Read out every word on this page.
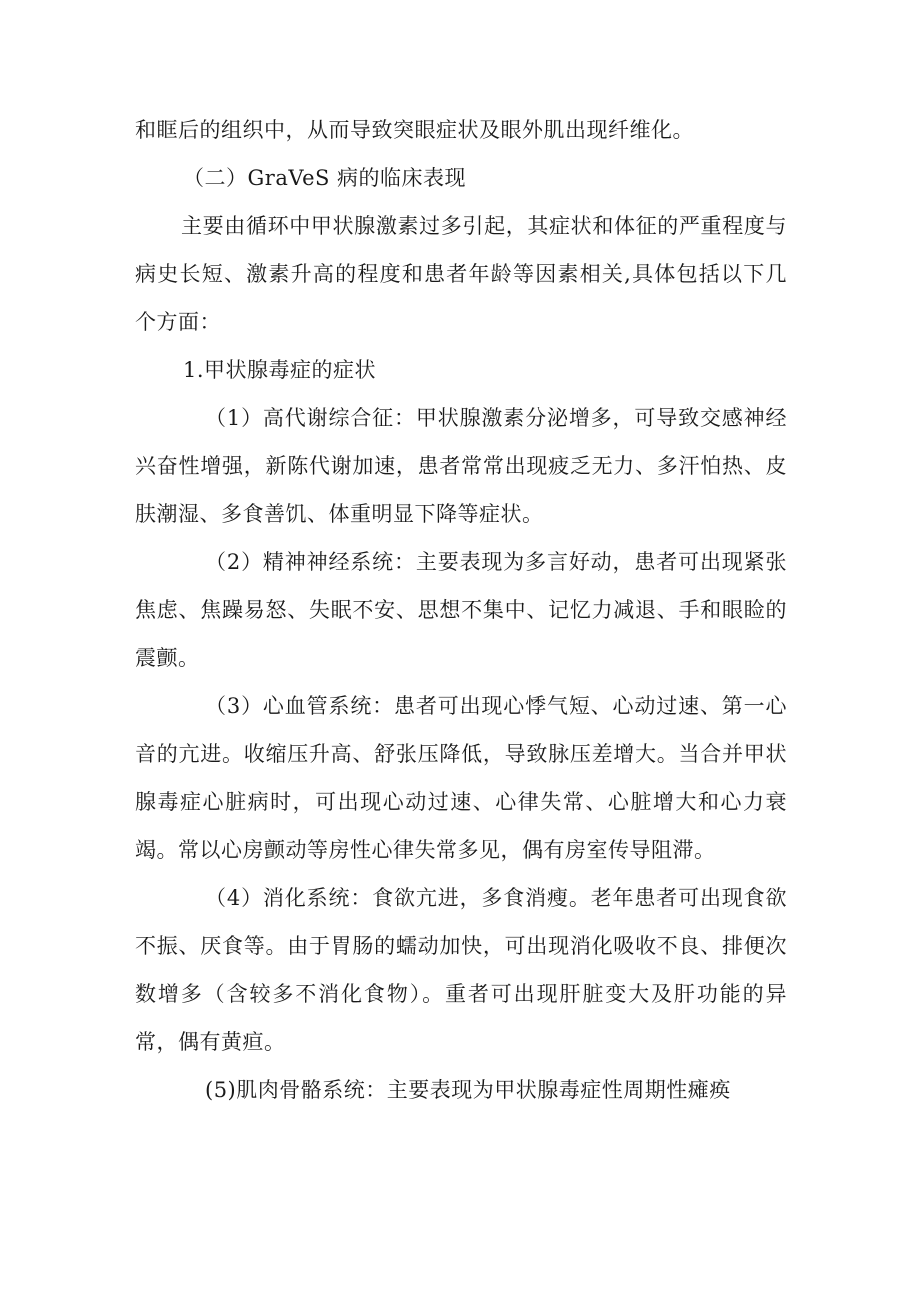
和眶后的组织中，从而导致突眼症状及眼外肌出现纤维化。

（二）GraVeS 病的临床表现

主要由循环中甲状腺激素过多引起，其症状和体征的严重程度与病史长短、激素升高的程度和患者年龄等因素相关,具体包括以下几个方面：

1.甲状腺毒症的症状

（1）高代谢综合征：甲状腺激素分泌增多，可导致交感神经兴奋性增强，新陈代谢加速，患者常常出现疲乏无力、多汗怕热、皮肤潮湿、多食善饥、体重明显下降等症状。

（2）精神神经系统：主要表现为多言好动，患者可出现紧张焦虑、焦躁易怒、失眠不安、思想不集中、记忆力减退、手和眼睑的震颤。

（3）心血管系统：患者可出现心悸气短、心动过速、第一心音的亢进。收缩压升高、舒张压降低，导致脉压差增大。当合并甲状腺毒症心脏病时，可出现心动过速、心律失常、心脏增大和心力衰竭。常以心房颤动等房性心律失常多见，偶有房室传导阻滞。

（4）消化系统：食欲亢进，多食消瘦。老年患者可出现食欲不振、厌食等。由于胃肠的蠕动加快，可出现消化吸收不良、排便次数增多（含较多不消化食物）。重者可出现肝脏变大及肝功能的异常，偶有黄疸。

(5)肌肉骨骼系统：主要表现为甲状腺毒症性周期性瘫痪
